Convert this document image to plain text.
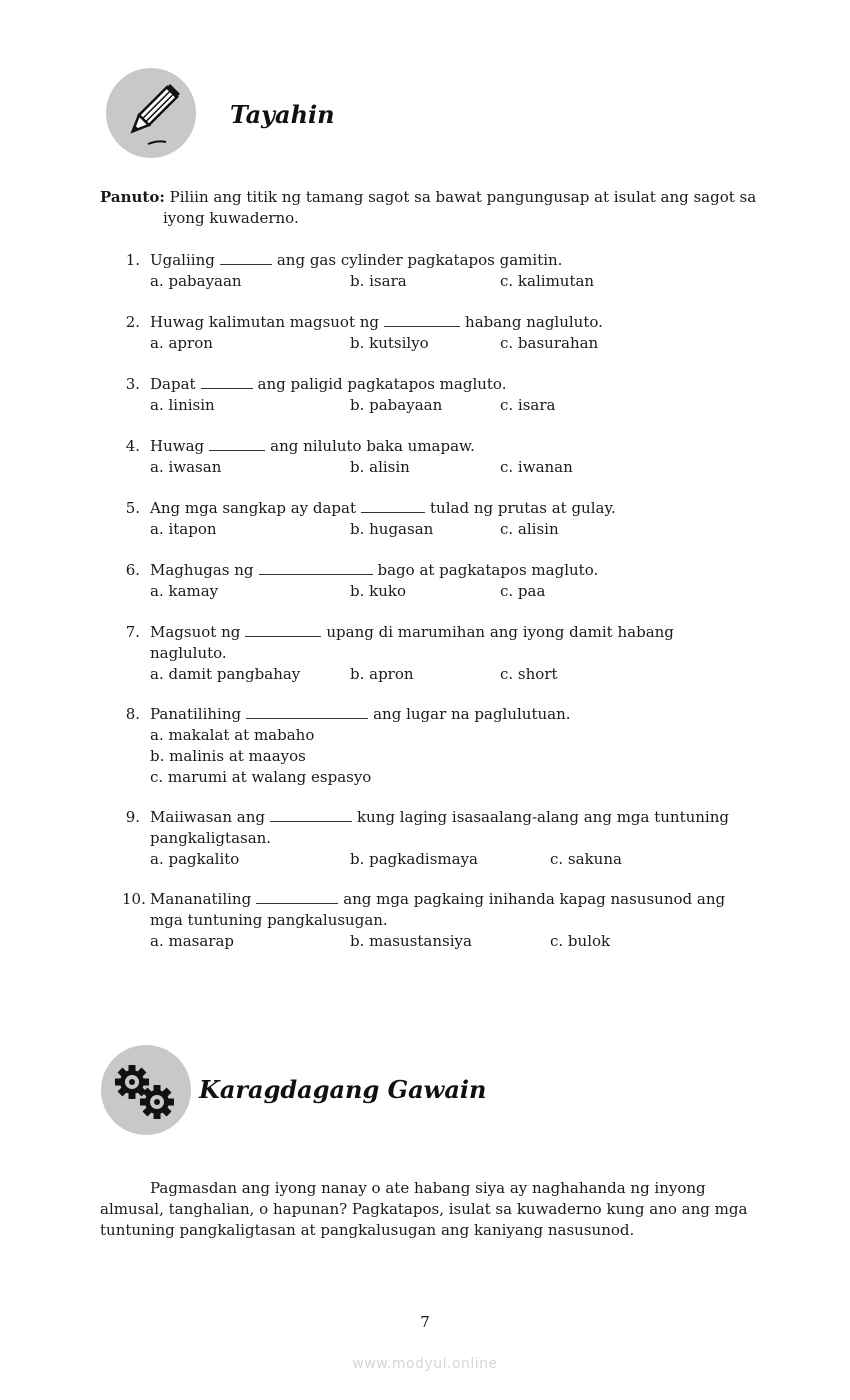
Tayahin
Panuto: Piliin ang titik ng tamang sagot sa bawat pangungusap at isulat ang sagot sa
iyong kuwaderno.
1. Ugaliing	ang gas cylinder pagkatapos gamitin.
a. pabayaan	b. isara	c. kalimutan
2. Huwag kalimutan magsuot ng	habang nagluluto.
a. apron	b. kutsilyo	c. basurahan
3. Dapat	ang paligid pagkatapos magluto.
a. linisin	b. pabayaan	c. isara
4. Huwag	ang niluluto baka umapaw.
a. iwasan	b. alisin	c. iwanan
5. Ang mga sangkap ay dapat	tulad ng prutas at gulay.
a. itapon	b. hugasan	c. alisin
6. Maghugas ng	bago at pagkatapos magluto.
a. kamay	b. kuko	c. paa
7. Magsuot ng	upang di marumihan ang iyong damit habang
nagluluto.
a. damit pangbahay	b. apron	c. short
8. Panatilihing	ang lugar na paglulutuan.
a. makalat at mabaho
b. malinis at maayos
c. marumi at walang espasyo
9. Maiiwasan ang	kung laging isasaalang-alang ang mga tuntuning
pangkaligtasan.
a. pagkalito	b. pagkadismaya	c. sakuna
10. Mananatiling	ang mga pagkaing inihanda kapag nasusunod ang
mga tuntuning pangkalusugan.
a. masarap	b. masustansiya	c. bulok
Karagdagang Gawain
Pagmasdan ang iyong nanay o ate habang siya ay naghahanda ng inyong
almusal, tanghalian, o hapunan? Pagkatapos, isulat sa kuwaderno kung ano ang mga
tuntuning pangkaligtasan at pangkalusugan ang kaniyang nasusunod.
7
www.modyul.online
